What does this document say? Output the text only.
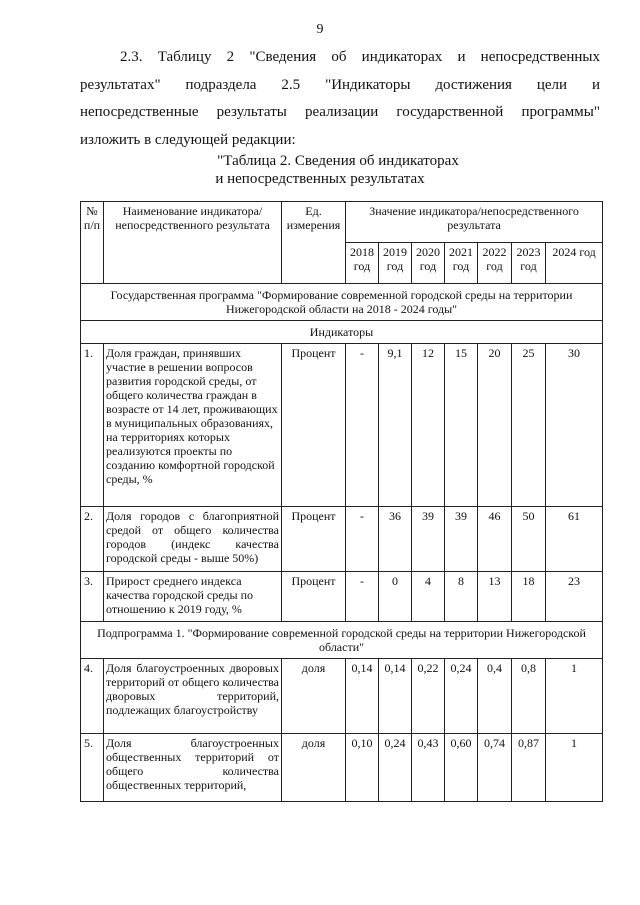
9
2.3. Таблицу 2 "Сведения об индикаторах и непосредственных
результатах" подраздела 2.5 "Индикаторы достижения цели и
непосредственные результаты реализации государственной программы"
изложить в следующей редакции:
"Таблица 2. Сведения об индикаторах
и непосредственных результатах
№ п/п	Наименование индикатора/ непосредственного результата	Ед. измерения	Значение индикатора/непосредственного результата						
			2018 год	2019 год	2020 год	2021 год	2022 год	2023 год	2024 год
Государственная программа "Формирование современной городской среды на территории Нижегородской области на 2018 - 2024 годы"									
Индикаторы									
1.	Доля граждан, принявших участие в решении вопросов развития городской среды, от общего количества граждан в возрасте от 14 лет, проживающих в муниципальных образованиях, на территориях которых реализуются проекты по созданию комфортной городской среды, %	Процент	-	9,1	12	15	20	25	30
2.	Доля городов с благоприятной средой от общего количества городов (индекс качества городской среды - выше 50%)	Процент	-	36	39	39	46	50	61
3.	Прирост среднего индекса качества городской среды по отношению к 2019 году, %	Процент	-	0	4	8	13	18	23
Подпрограмма 1. "Формирование современной городской среды на территории Нижегородской области"									
4.	Доля благоустроенных дворовых территорий от общего количества дворовых территорий, подлежащих благоустройству	доля	0,14	0,14	0,22	0,24	0,4	0,8	1
5.	Доля благоустроенных общественных территорий от общего количества общественных территорий,	доля	0,10	0,24	0,43	0,60	0,74	0,87	1
